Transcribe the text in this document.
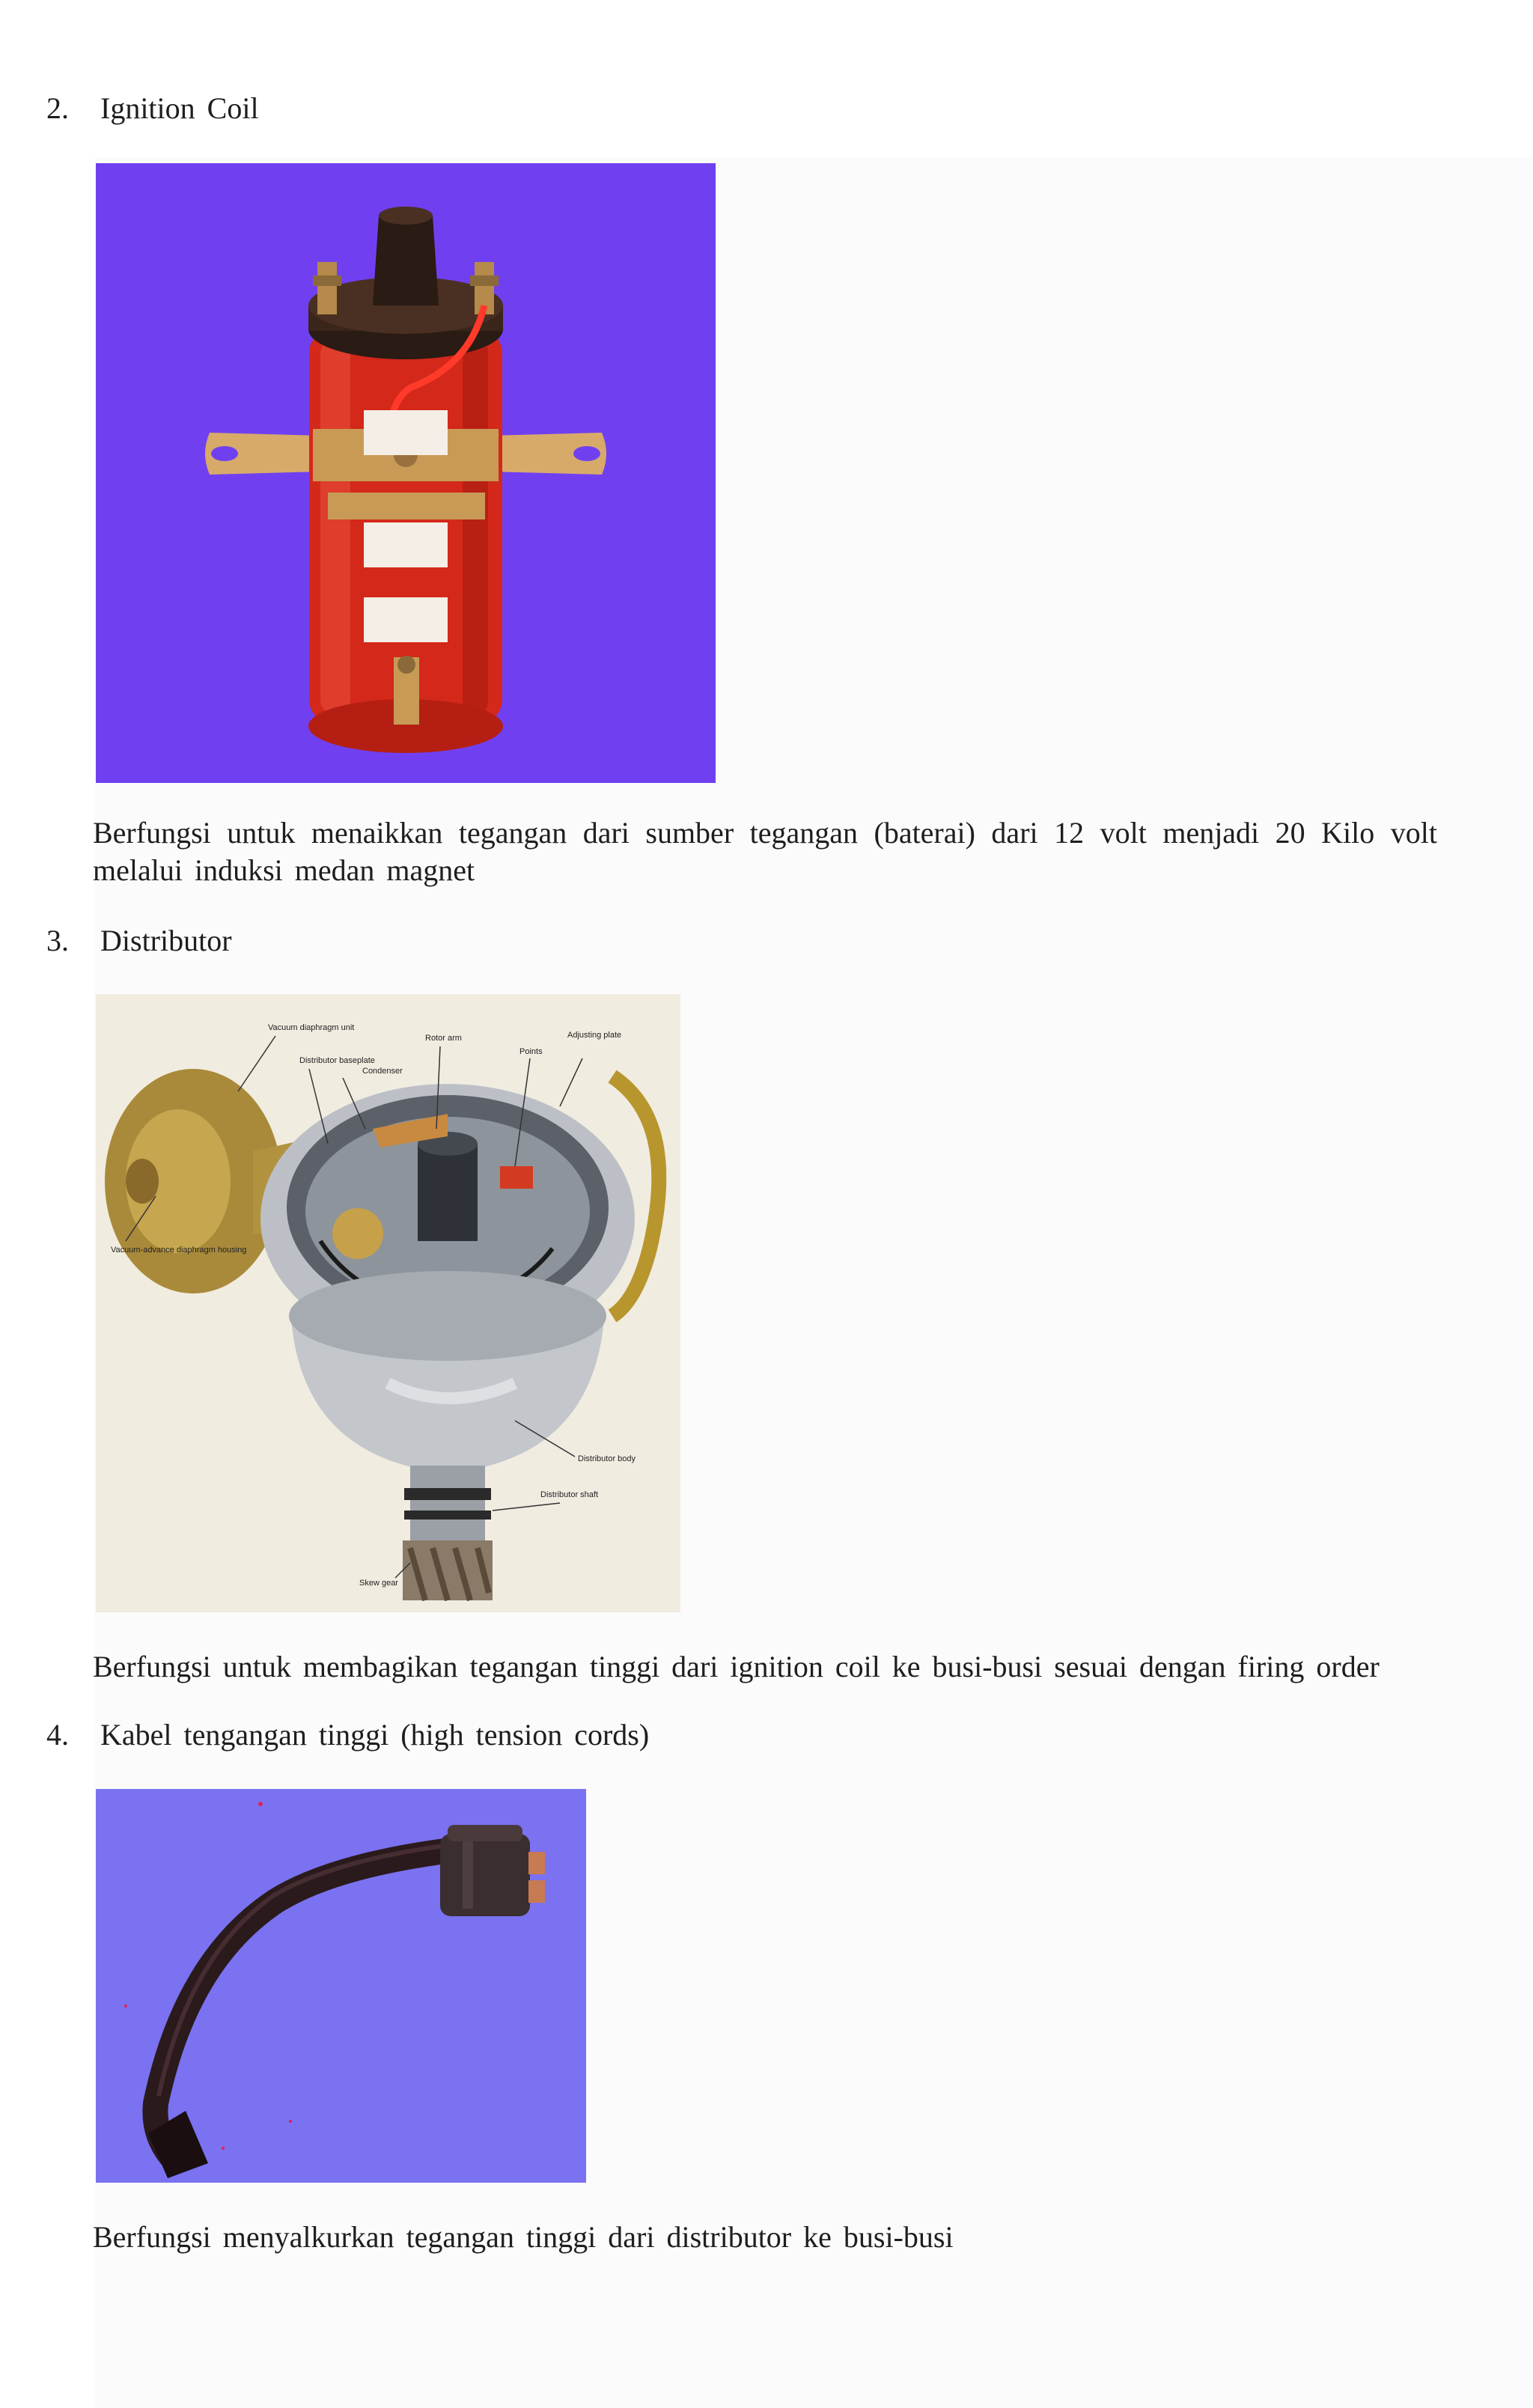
2. Ignition Coil

Berfungsi untuk menaikkan tegangan dari sumber tegangan (baterai) dari 12 volt menjadi 20 Kilo volt melalui induksi medan magnet

3. Distributor
Vacuum diaphragm unit
Distributor baseplate
Condenser
Rotor arm
Points
Adjusting plate
Vacuum-advance diaphragm housing
Distributor body
Distributor shaft
Skew gear

Berfungsi untuk membagikan tegangan tinggi dari ignition coil ke busi-busi sesuai dengan firing order

4. Kabel tengangan tinggi (high tension cords)

Berfungsi menyalkurkan tegangan tinggi dari distributor ke busi-busi
